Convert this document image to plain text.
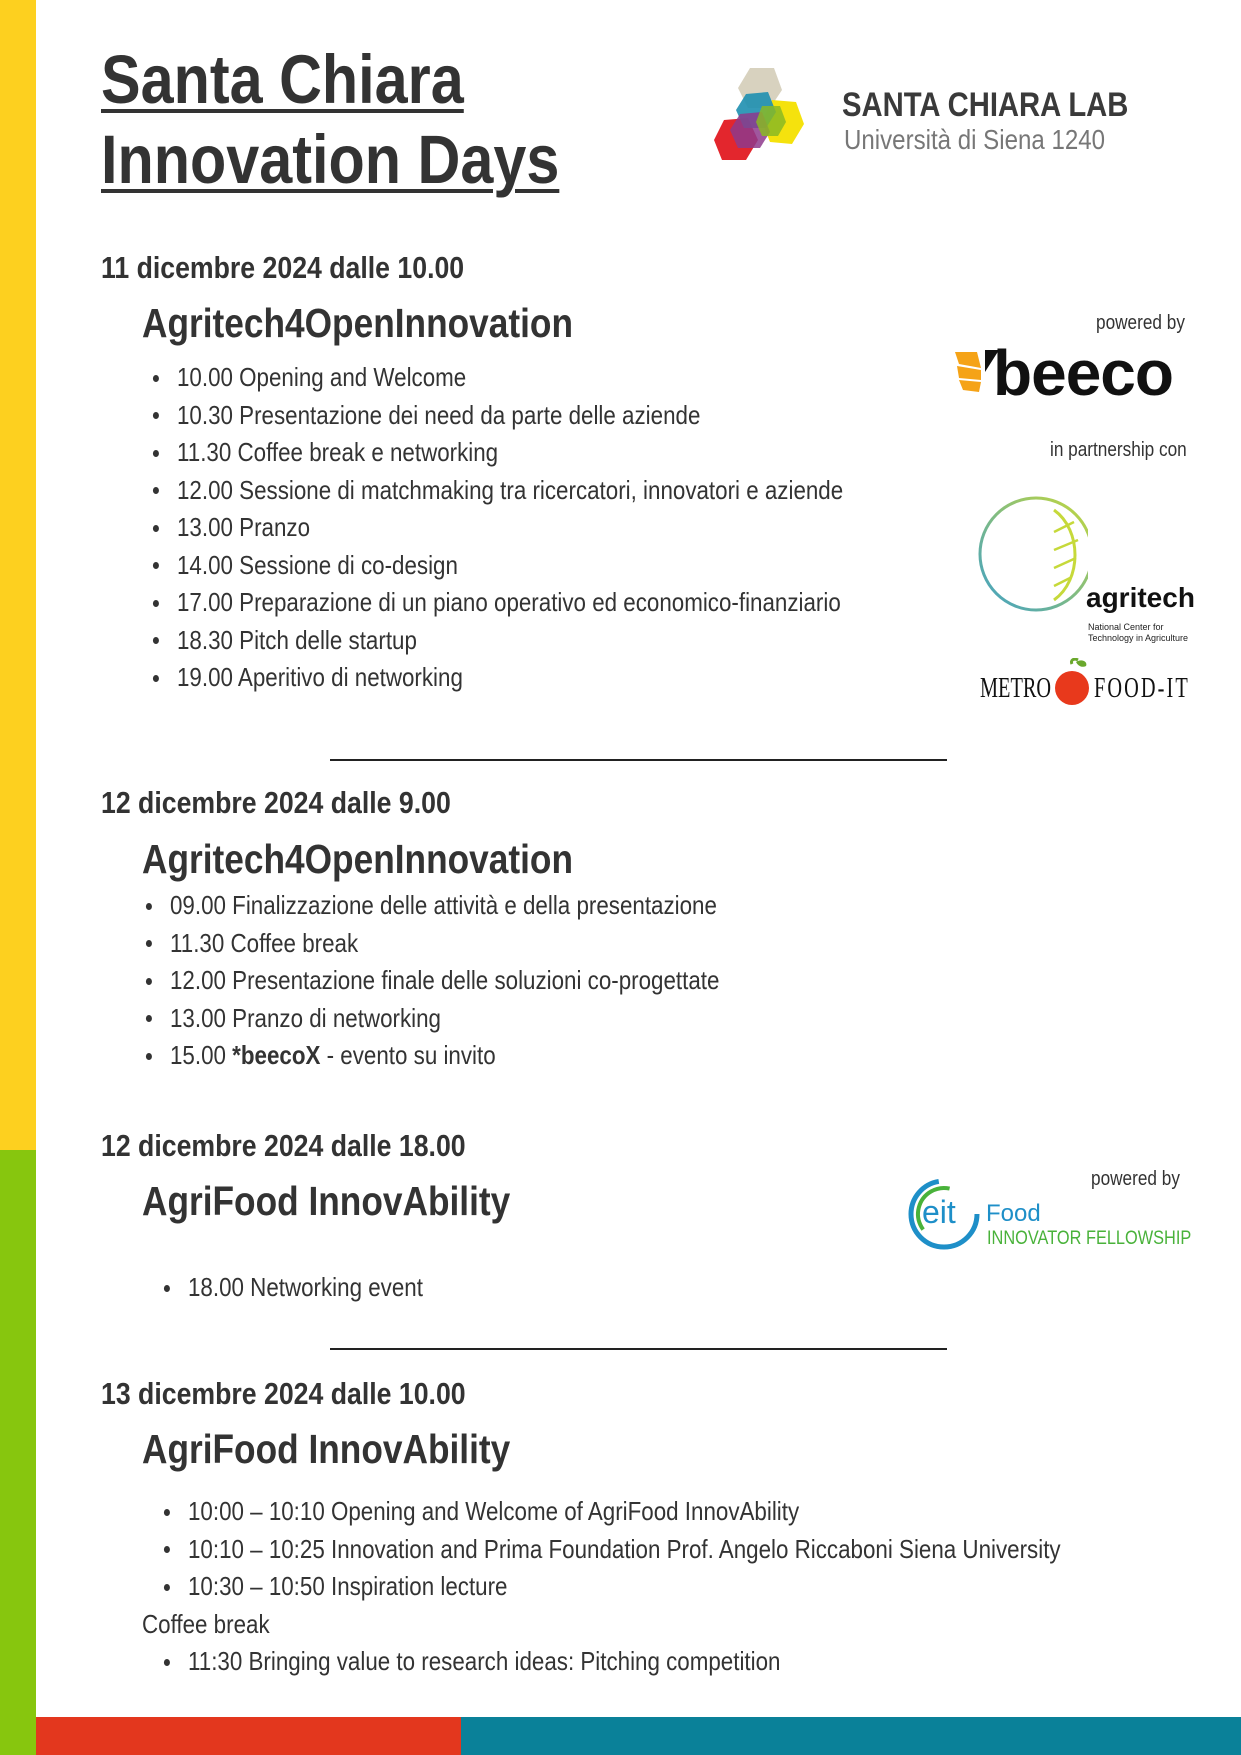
Santa Chiara
Innovation Days
SANTA CHIARA LAB
Università di Siena 1240
11 dicembre 2024 dalle 10.00
Agritech4OpenInnovation
10.00 Opening and Welcome
10.30 Presentazione dei need da parte delle aziende
11.30 Coffee break e networking
12.00 Sessione di matchmaking tra ricercatori, innovatori e aziende
13.00 Pranzo
14.00 Sessione di co-design
17.00 Preparazione di un piano operativo ed economico-finanziario
18.30 Pitch delle startup
19.00 Aperitivo di networking
powered by
beeco
in partnership con
agritech
National Center for
Technology in Agriculture
METRO FOOD-IT
12 dicembre 2024 dalle 9.00
Agritech4OpenInnovation
09.00 Finalizzazione delle attività e della presentazione
11.30 Coffee break
12.00 Presentazione finale delle soluzioni co-progettate
13.00 Pranzo di networking
15.00 *beecoX - evento su invito
12 dicembre 2024 dalle 18.00
AgriFood InnovAbility
18.00 Networking event
powered by
eit Food
INNOVATOR FELLOWSHIP
13 dicembre 2024 dalle 10.00
AgriFood InnovAbility
10:00 – 10:10 Opening and Welcome of AgriFood InnovAbility
10:10 – 10:25 Innovation and Prima Foundation Prof. Angelo Riccaboni Siena University
10:30 – 10:50 Inspiration lecture
Coffee break
11:30 Bringing value to research ideas: Pitching competition
